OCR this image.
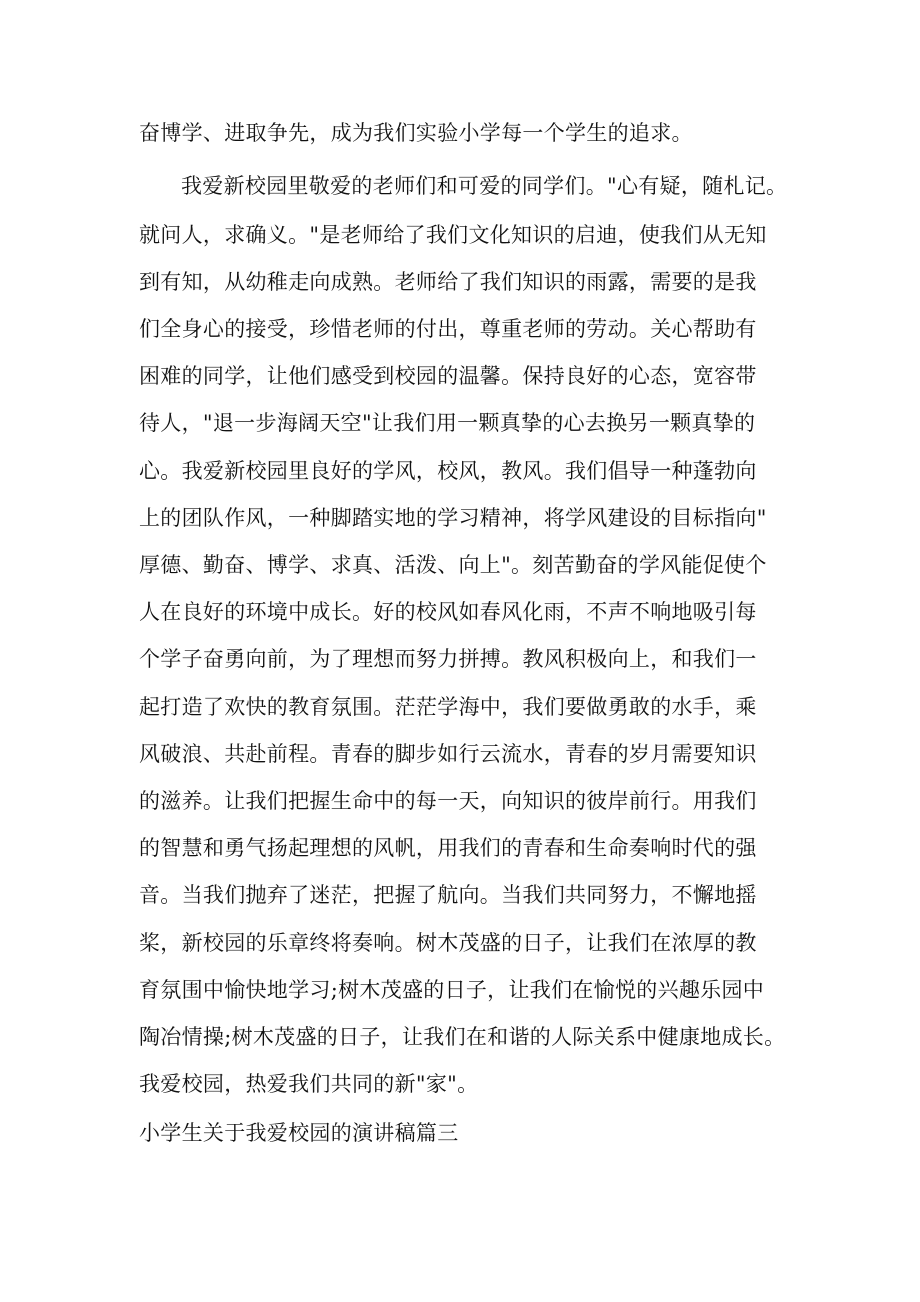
奋博学、进取争先，成为我们实验小学每一个学生的追求。
我爱新校园里敬爱的老师们和可爱的同学们。"心有疑，随札记。
就问人，求确义。"是老师给了我们文化知识的启迪，使我们从无知
到有知，从幼稚走向成熟。老师给了我们知识的雨露，需要的是我
们全身心的接受，珍惜老师的付出，尊重老师的劳动。关心帮助有
困难的同学，让他们感受到校园的温馨。保持良好的心态，宽容带
待人，"退一步海阔天空"让我们用一颗真挚的心去换另一颗真挚的
心。我爱新校园里良好的学风，校风，教风。我们倡导一种蓬勃向
上的团队作风，一种脚踏实地的学习精神，将学风建设的目标指向"
厚德、勤奋、博学、求真、活泼、向上"。刻苦勤奋的学风能促使个
人在良好的环境中成长。好的校风如春风化雨，不声不响地吸引每
个学子奋勇向前，为了理想而努力拼搏。教风积极向上，和我们一
起打造了欢快的教育氛围。茫茫学海中，我们要做勇敢的水手，乘
风破浪、共赴前程。青春的脚步如行云流水，青春的岁月需要知识
的滋养。让我们把握生命中的每一天，向知识的彼岸前行。用我们
的智慧和勇气扬起理想的风帆，用我们的青春和生命奏响时代的强
音。当我们抛弃了迷茫，把握了航向。当我们共同努力，不懈地摇
桨，新校园的乐章终将奏响。树木茂盛的日子，让我们在浓厚的教
育氛围中愉快地学习;树木茂盛的日子，让我们在愉悦的兴趣乐园中
陶冶情操;树木茂盛的日子，让我们在和谐的人际关系中健康地成长。
我爱校园，热爱我们共同的新"家"。
小学生关于我爱校园的演讲稿篇三
